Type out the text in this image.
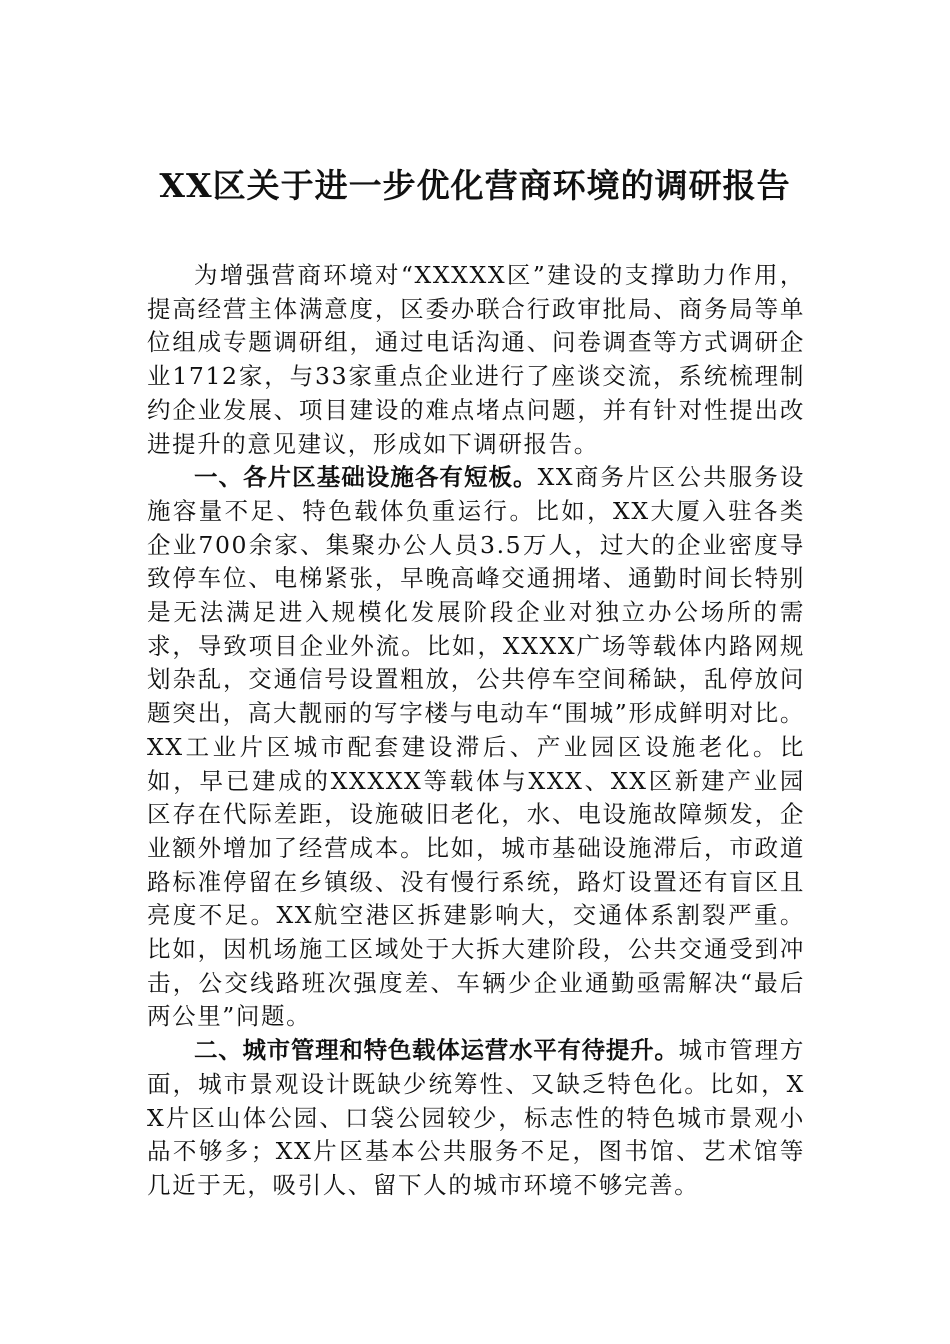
XX区关于进一步优化营商环境的调研报告

为增强营商环境对“XXXXX区”建设的支撑助力作用，提高经营主体满意度，区委办联合行政审批局、商务局等单位组成专题调研组，通过电话沟通、问卷调查等方式调研企业1712家，与33家重点企业进行了座谈交流，系统梳理制约企业发展、项目建设的难点堵点问题，并有针对性提出改进提升的意见建议，形成如下调研报告。

一、各片区基础设施各有短板。XX商务片区公共服务设施容量不足、特色载体负重运行。比如，XX大厦入驻各类企业700余家、集聚办公人员3.5万人，过大的企业密度导致停车位、电梯紧张，早晚高峰交通拥堵、通勤时间长特别是无法满足进入规模化发展阶段企业对独立办公场所的需求，导致项目企业外流。比如，XXXX广场等载体内路网规划杂乱，交通信号设置粗放，公共停车空间稀缺，乱停放问题突出，高大靓丽的写字楼与电动车“围城”形成鲜明对比。XX工业片区城市配套建设滞后、产业园区设施老化。比如，早已建成的XXXXX等载体与XXX、XX区新建产业园区存在代际差距，设施破旧老化，水、电设施故障频发，企业额外增加了经营成本。比如，城市基础设施滞后，市政道路标准停留在乡镇级、没有慢行系统，路灯设置还有盲区且亮度不足。XX航空港区拆建影响大，交通体系割裂严重。比如，因机场施工区域处于大拆大建阶段，公共交通受到冲击，公交线路班次强度差、车辆少企业通勤亟需解决“最后两公里”问题。

二、城市管理和特色载体运营水平有待提升。城市管理方面，城市景观设计既缺少统筹性、又缺乏特色化。比如，XX片区山体公园、口袋公园较少，标志性的特色城市景观小品不够多；XX片区基本公共服务不足，图书馆、艺术馆等几近于无，吸引人、留下人的城市环境不够完善。
